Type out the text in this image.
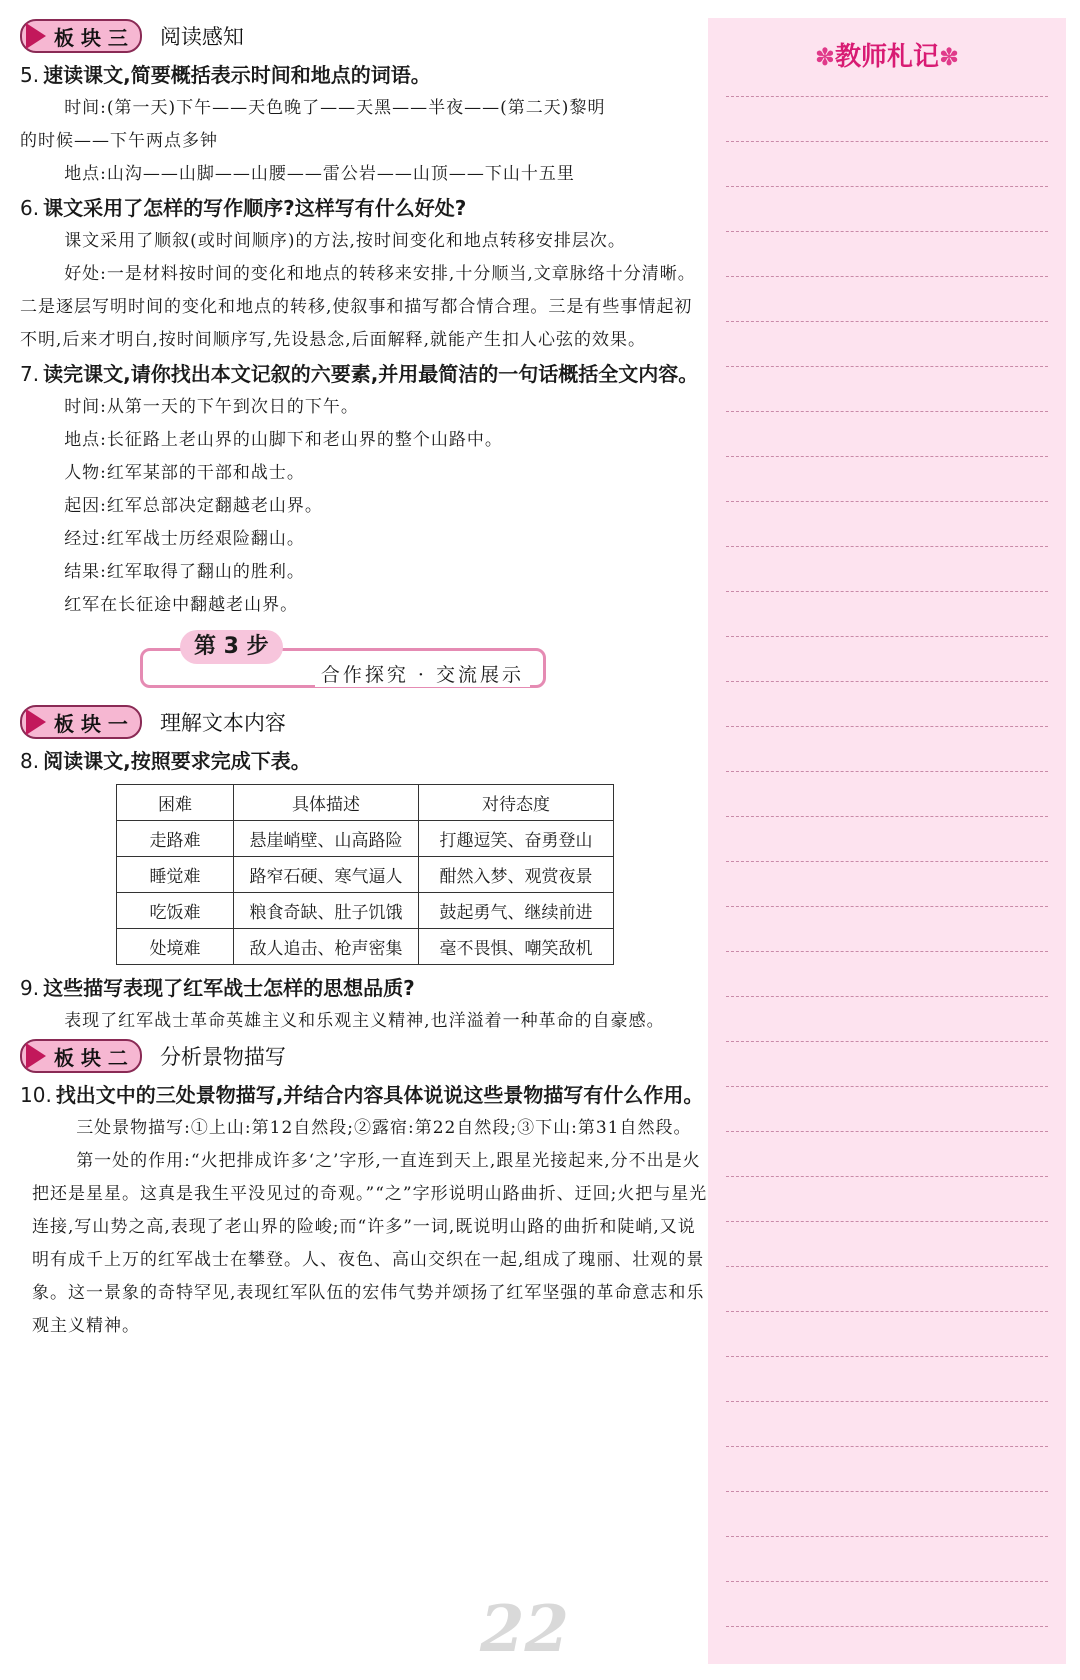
板 块 三 阅读感知

5. 速读课文,简要概括表示时间和地点的词语。

时间:(第一天)下午——天色晚了——天黑——半夜——(第二天)黎明

的时候——下午两点多钟

地点:山沟——山脚——山腰——雷公岩——山顶——下山十五里

6. 课文采用了怎样的写作顺序?这样写有什么好处?

课文采用了顺叙(或时间顺序)的方法,按时间变化和地点转移安排层次。

好处:一是材料按时间的变化和地点的转移来安排,十分顺当,文章脉络十分清晰。二是逐层写明时间的变化和地点的转移,使叙事和描写都合情合理。三是有些事情起初不明,后来才明白,按时间顺序写,先设悬念,后面解释,就能产生扣人心弦的效果。

7. 读完课文,请你找出本文记叙的六要素,并用最简洁的一句话概括全文内容。

时间:从第一天的下午到次日的下午。

地点:长征路上老山界的山脚下和老山界的整个山路中。

人物:红军某部的干部和战士。

起因:红军总部决定翻越老山界。

经过:红军战士历经艰险翻山。

结果:红军取得了翻山的胜利。

红军在长征途中翻越老山界。

第 3 步
合作探究 · 交流展示
板 块 一 理解文本内容

8. 阅读课文,按照要求完成下表。

困难	具体描述	对待态度
走路难	悬崖峭壁、山高路险	打趣逗笑、奋勇登山
睡觉难	路窄石硬、寒气逼人	酣然入梦、观赏夜景
吃饭难	粮食奇缺、肚子饥饿	鼓起勇气、继续前进
处境难	敌人追击、枪声密集	毫不畏惧、嘲笑敌机

9. 这些描写表现了红军战士怎样的思想品质?

表现了红军战士革命英雄主义和乐观主义精神,也洋溢着一种革命的自豪感。

板 块 二 分析景物描写

10. 找出文中的三处景物描写,并结合内容具体说说这些景物描写有什么作用。

三处景物描写:①上山:第12自然段;②露宿:第22自然段;③下山:第31自然段。

第一处的作用:“火把排成许多‘之’字形,一直连到天上,跟星光接起来,分不出是火把还是星星。这真是我生平没见过的奇观。”“之”字形说明山路曲折、迂回;火把与星光连接,写山势之高,表现了老山界的险峻;而“许多”一词,既说明山路的曲折和陡峭,又说明有成千上万的红军战士在攀登。人、夜色、高山交织在一起,组成了瑰丽、壮观的景象。这一景象的奇特罕见,表现红军队伍的宏伟气势并颂扬了红军坚强的革命意志和乐观主义精神。

✽教师札记✽
22
